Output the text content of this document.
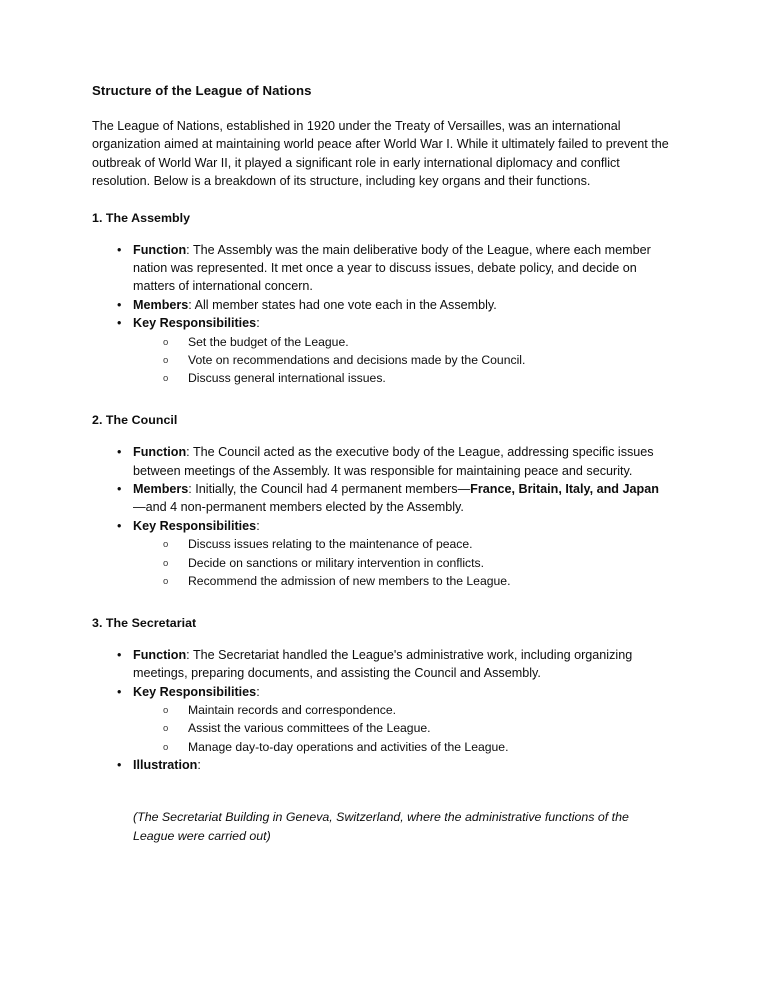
Structure of the League of Nations

The League of Nations, established in 1920 under the Treaty of Versailles, was an international organization aimed at maintaining world peace after World War I. While it ultimately failed to prevent the outbreak of World War II, it played a significant role in early international diplomacy and conflict resolution. Below is a breakdown of its structure, including key organs and their functions.

1. The Assembly
• Function: The Assembly was the main deliberative body of the League, where each member nation was represented. It met once a year to discuss issues, debate policy, and decide on matters of international concern.
• Members: All member states had one vote each in the Assembly.
• Key Responsibilities:
o Set the budget of the League.
o Vote on recommendations and decisions made by the Council.
o Discuss general international issues.
2. The Council
• Function: The Council acted as the executive body of the League, addressing specific issues between meetings of the Assembly. It was responsible for maintaining peace and security.
• Members: Initially, the Council had 4 permanent members—France, Britain, Italy, and Japan—and 4 non-permanent members elected by the Assembly.
• Key Responsibilities:
o Discuss issues relating to the maintenance of peace.
o Decide on sanctions or military intervention in conflicts.
o Recommend the admission of new members to the League.
3. The Secretariat
• Function: The Secretariat handled the League's administrative work, including organizing meetings, preparing documents, and assisting the Council and Assembly.
• Key Responsibilities:
o Maintain records and correspondence.
o Assist the various committees of the League.
o Manage day-to-day operations and activities of the League.
• Illustration:

(The Secretariat Building in Geneva, Switzerland, where the administrative functions of the League were carried out)
